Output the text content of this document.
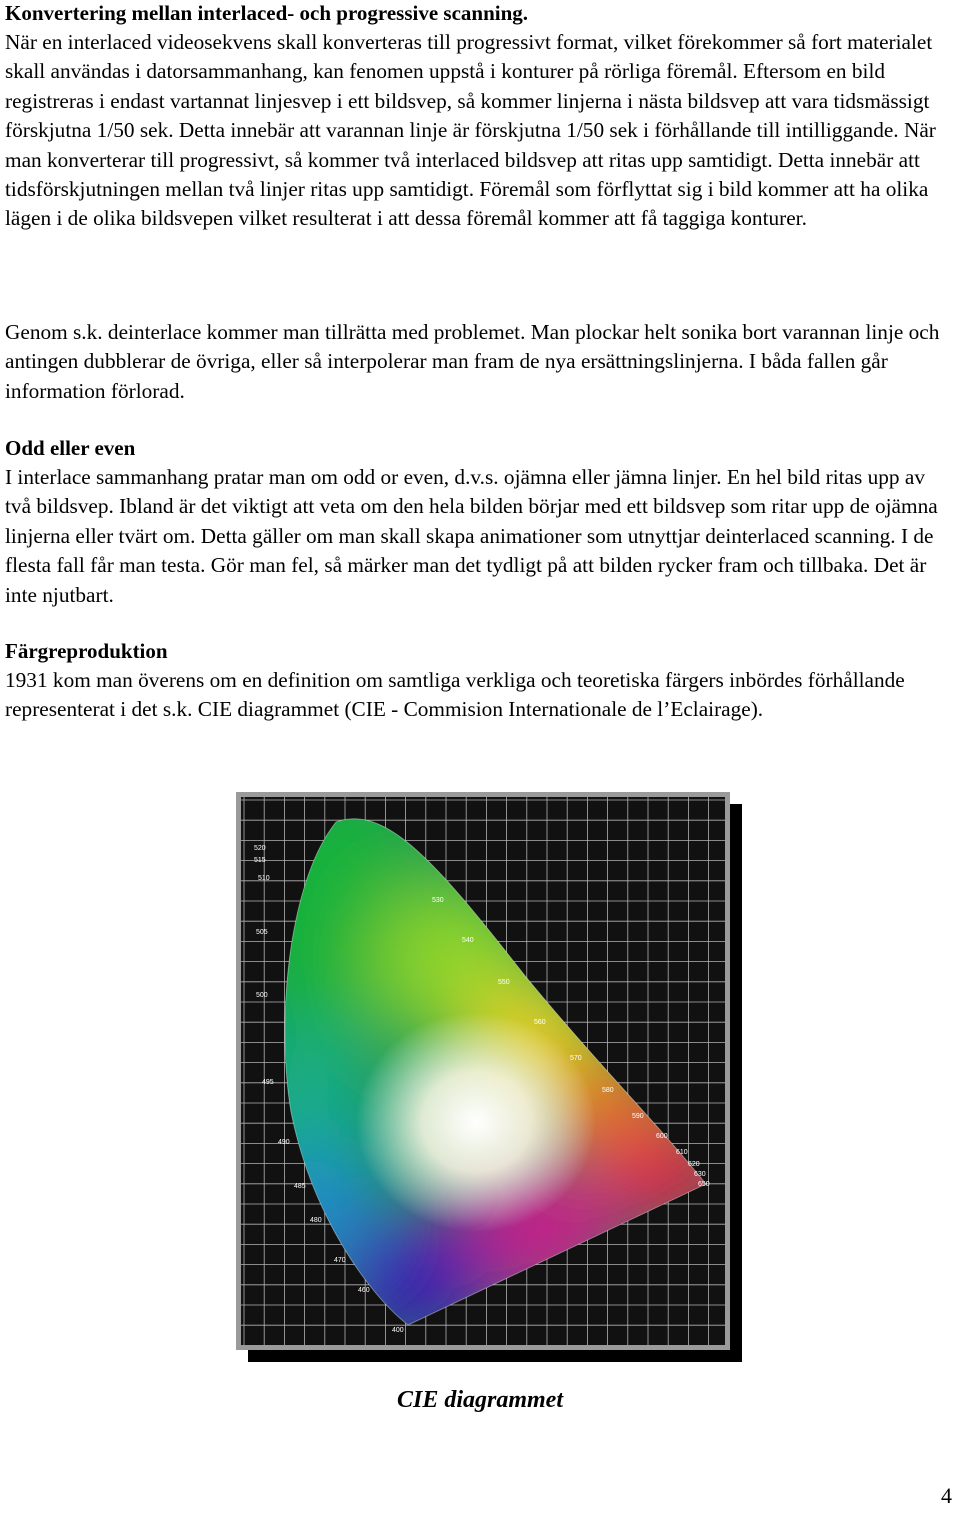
Konvertering mellan interlaced- och progressive scanning.

När en interlaced videosekvens skall konverteras till progressivt format, vilket förekommer så fort materialet skall användas i datorsammanhang, kan fenomen uppstå i konturer på rörliga föremål. Eftersom en bild registreras i endast vartannat linjesvep i ett bildsvep, så kommer linjerna i nästa bildsvep att vara tidsmässigt förskjutna 1/50 sek. Detta innebär att varannan linje är förskjutna 1/50 sek i förhållande till intilliggande. När man konverterar till progressivt, så kommer två interlaced bildsvep att ritas upp samtidigt. Detta innebär att tidsförskjutningen mellan två linjer ritas upp samtidigt. Föremål som förflyttat sig i bild kommer att ha olika lägen i de olika bildsvepen vilket resulterat i att dessa föremål kommer att få taggiga konturer.

Genom s.k. deinterlace kommer man tillrätta med problemet. Man plockar helt sonika bort varannan linje och antingen dubblerar de övriga, eller så interpolerar man fram de nya ersättningslinjerna. I båda fallen går information förlorad.

Odd eller even

I interlace sammanhang pratar man om odd or even, d.v.s. ojämna eller jämna linjer. En hel bild ritas upp av två bildsvep. Ibland är det viktigt att veta om den hela bilden börjar med ett bildsvep som ritar upp de ojämna linjerna eller tvärt om. Detta gäller om man skall skapa animationer som utnyttjar deinterlaced scanning. I de flesta fall får man testa. Gör man fel, så märker man det tydligt på att bilden rycker fram och tillbaka. Det är inte njutbart.

Färgreproduktion

1931 kom man överens om en definition om samtliga verkliga och teoretiska färgers inbördes förhållande representerat i det s.k. CIE diagrammet (CIE - Commision Internationale de l’Eclairage).

520
515
510
505
500
495
490
485
480
470
460
400
530
540
550
560
570
580
590
600
610
620
630
650
CIE diagrammet
4
